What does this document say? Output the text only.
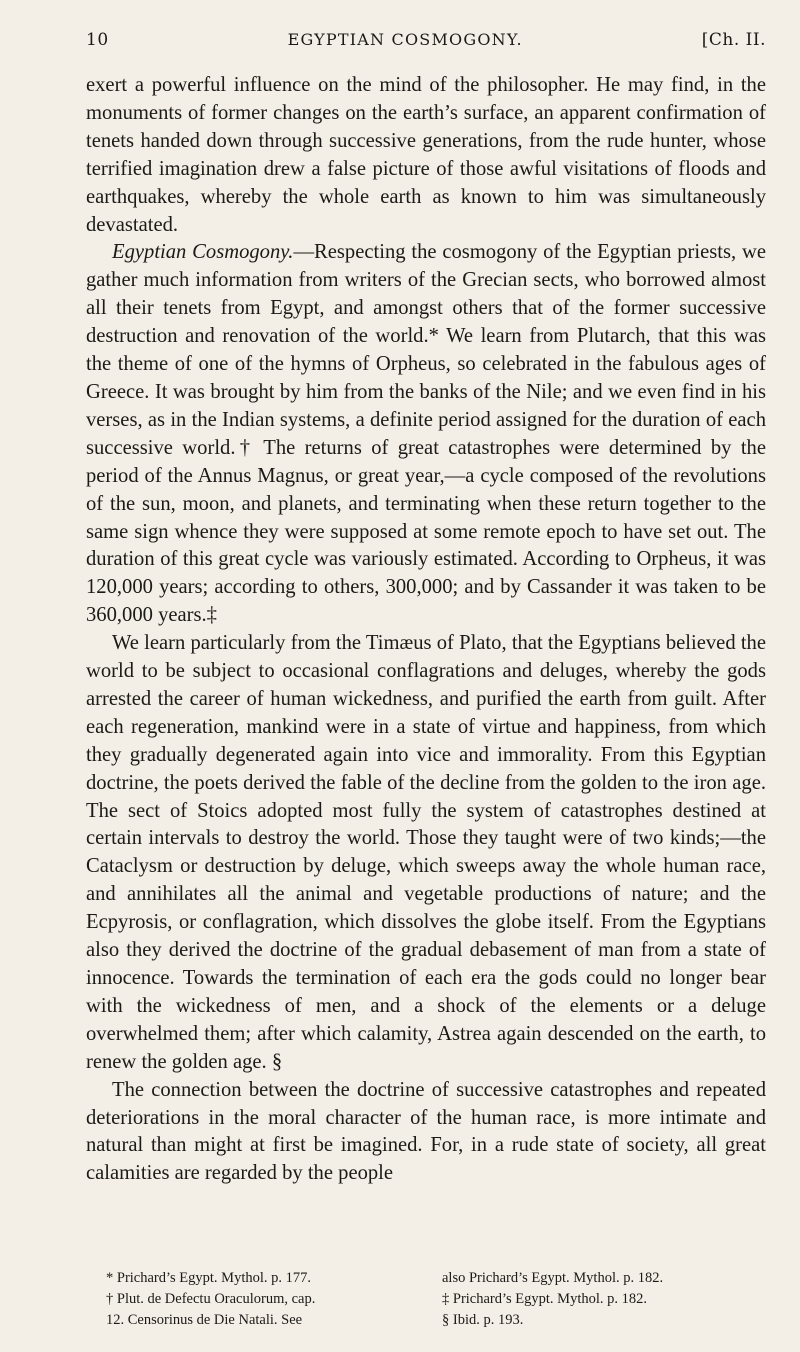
10	EGYPTIAN COSMOGONY.	[Ch. II.

exert a powerful influence on the mind of the philosopher. He may find, in the monuments of former changes on the earth’s surface, an apparent confirmation of tenets handed down through successive generations, from the rude hunter, whose terrified imagination drew a false picture of those awful visitations of floods and earthquakes, whereby the whole earth as known to him was simultaneously devastated.

Egyptian Cosmogony.—Respecting the cosmogony of the Egyptian priests, we gather much information from writers of the Grecian sects, who borrowed almost all their tenets from Egypt, and amongst others that of the former successive destruction and renovation of the world.* We learn from Plutarch, that this was the theme of one of the hymns of Orpheus, so celebrated in the fabulous ages of Greece. It was brought by him from the banks of the Nile; and we even find in his verses, as in the Indian systems, a definite period assigned for the duration of each successive world.† The returns of great catastrophes were determined by the period of the Annus Magnus, or great year,—a cycle composed of the revolutions of the sun, moon, and planets, and terminating when these return together to the same sign whence they were supposed at some remote epoch to have set out. The duration of this great cycle was variously estimated. According to Orpheus, it was 120,000 years; according to others, 300,000; and by Cassander it was taken to be 360,000 years.‡

We learn particularly from the Timæus of Plato, that the Egyptians believed the world to be subject to occasional conflagrations and deluges, whereby the gods arrested the career of human wickedness, and purified the earth from guilt. After each regeneration, mankind were in a state of virtue and happiness, from which they gradually degenerated again into vice and immorality. From this Egyptian doctrine, the poets derived the fable of the decline from the golden to the iron age. The sect of Stoics adopted most fully the system of catastrophes destined at certain intervals to destroy the world. Those they taught were of two kinds;—the Cataclysm or destruction by deluge, which sweeps away the whole human race, and annihilates all the animal and vegetable productions of nature; and the Ecpyrosis, or conflagration, which dissolves the globe itself. From the Egyptians also they derived the doctrine of the gradual debasement of man from a state of innocence. Towards the termination of each era the gods could no longer bear with the wickedness of men, and a shock of the elements or a deluge overwhelmed them; after which calamity, Astrea again descended on the earth, to renew the golden age. §

The connection between the doctrine of successive catastrophes and repeated deteriorations in the moral character of the human race, is more intimate and natural than might at first be imagined. For, in a rude state of society, all great calamities are regarded by the people

* Prichard’s Egypt. Mythol. p. 177.	also Prichard’s Egypt. Mythol. p. 182.
† Plut. de Defectu Oraculorum, cap.	‡ Prichard’s Egypt. Mythol. p. 182.
12. Censorinus de Die Natali. See	§ Ibid. p. 193.
